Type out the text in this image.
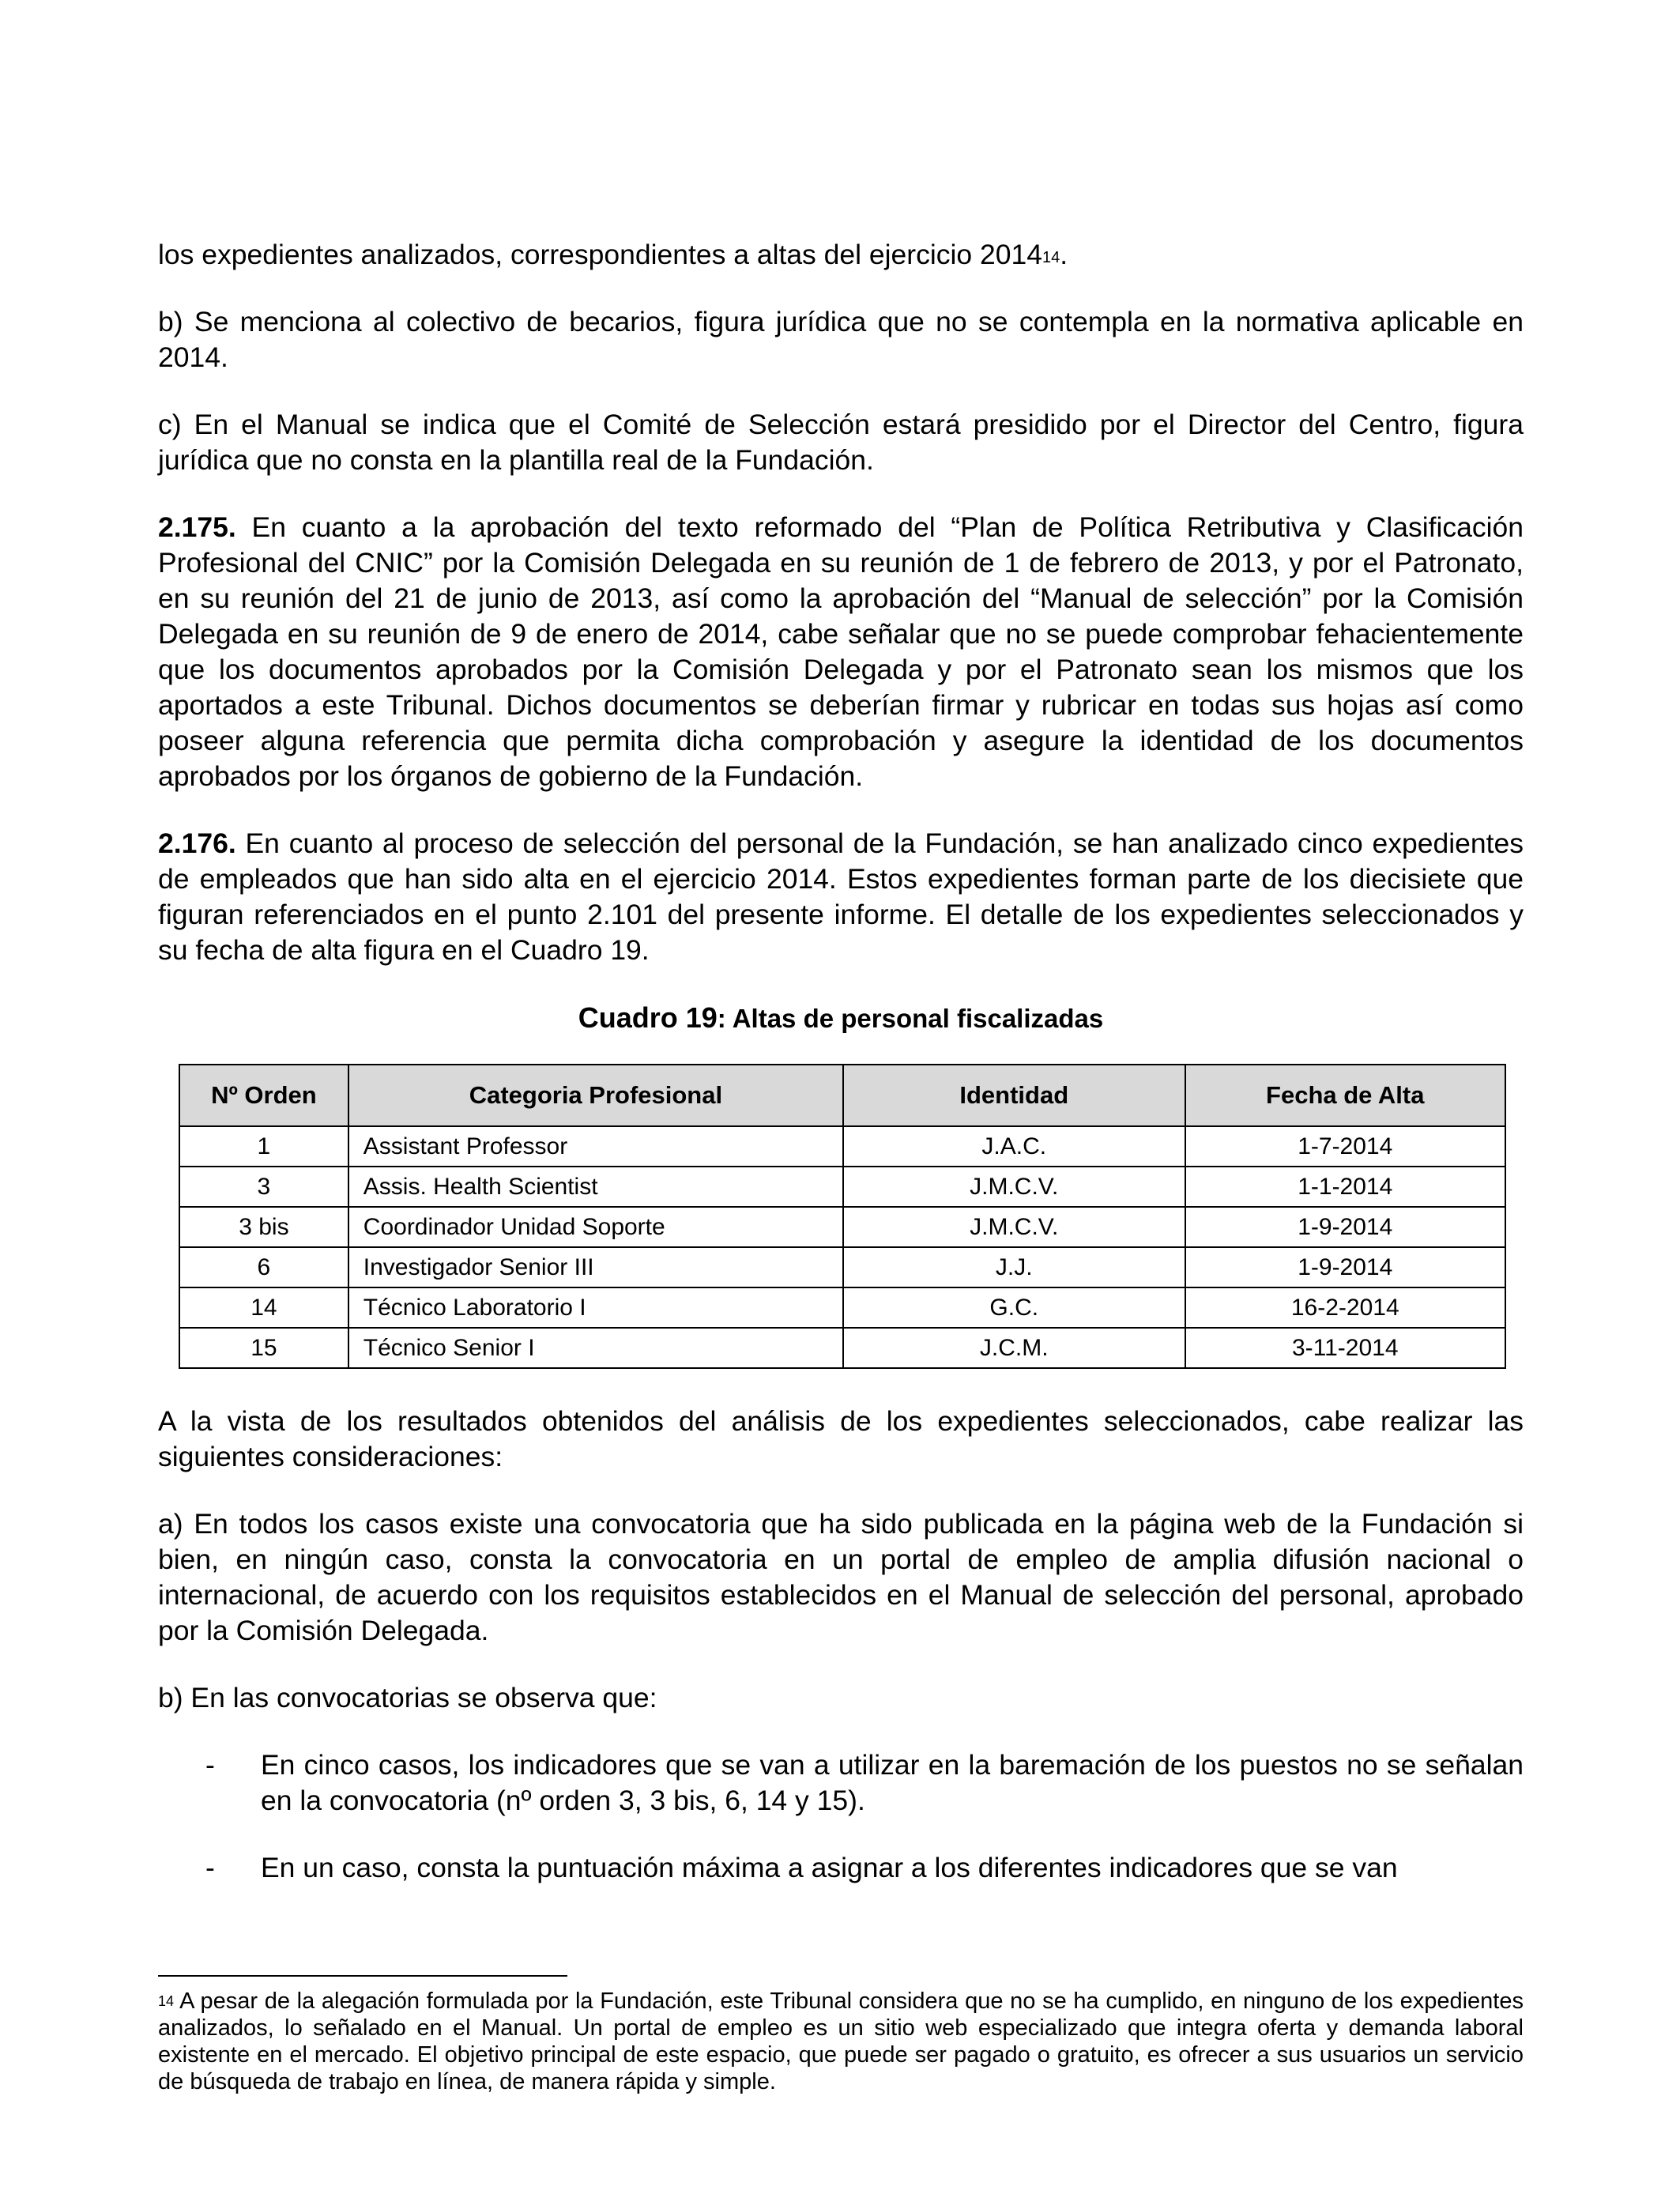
los expedientes analizados, correspondientes a altas del ejercicio 2014$^{14}$.

b) Se menciona al colectivo de becarios, figura jurídica que no se contempla en la normativa aplicable en 2014.

c) En el Manual se indica que el Comité de Selección estará presidido por el Director del Centro, figura jurídica que no consta en la plantilla real de la Fundación.

2.175. En cuanto a la aprobación del texto reformado del “Plan de Política Retributiva y Clasificación Profesional del CNIC” por la Comisión Delegada en su reunión de 1 de febrero de 2013, y por el Patronato, en su reunión del 21 de junio de 2013, así como la aprobación del “Manual de selección” por la Comisión Delegada en su reunión de 9 de enero de 2014, cabe señalar que no se puede comprobar fehacientemente que los documentos aprobados por la Comisión Delegada y por el Patronato sean los mismos que los aportados a este Tribunal. Dichos documentos se deberían firmar y rubricar en todas sus hojas así como poseer alguna referencia que permita dicha comprobación y asegure la identidad de los documentos aprobados por los órganos de gobierno de la Fundación.

2.176. En cuanto al proceso de selección del personal de la Fundación, se han analizado cinco expedientes de empleados que han sido alta en el ejercicio 2014. Estos expedientes forman parte de los diecisiete que figuran referenciados en el punto 2.101 del presente informe. El detalle de los expedientes seleccionados y su fecha de alta figura en el Cuadro 19.

Cuadro 19: Altas de personal fiscalizadas
Nº Orden	Categoria Profesional	Identidad	Fecha de Alta
1	Assistant Professor	J.A.C.	1-7-2014
3	Assis. Health Scientist	J.M.C.V.	1-1-2014
3 bis	Coordinador Unidad Soporte	J.M.C.V.	1-9-2014
6	Investigador Senior III	J.J.	1-9-2014
14	Técnico Laboratorio I	G.C.	16-2-2014
15	Técnico Senior I	J.C.M.	3-11-2014

A la vista de los resultados obtenidos del análisis de los expedientes seleccionados, cabe realizar las siguientes consideraciones:

a) En todos los casos existe una convocatoria que ha sido publicada en la página web de la Fundación si bien, en ningún caso, consta la convocatoria en un portal de empleo de amplia difusión nacional o internacional, de acuerdo con los requisitos establecidos en el Manual de selección del personal, aprobado por la Comisión Delegada.

b) En las convocatorias se observa que:

-	En cinco casos, los indicadores que se van a utilizar en la baremación de los puestos no se señalan en la convocatoria (nº orden 3, 3 bis, 6, 14 y 15).
-	En un caso, consta la puntuación máxima a asignar a los diferentes indicadores que se van
$^{14}$ A pesar de la alegación formulada por la Fundación, este Tribunal considera que no se ha cumplido, en ninguno de los expedientes analizados, lo señalado en el Manual. Un portal de empleo es un sitio web especializado que integra oferta y demanda laboral existente en el mercado. El objetivo principal de este espacio, que puede ser pagado o gratuito, es ofrecer a sus usuarios un servicio de búsqueda de trabajo en línea, de manera rápida y simple.
